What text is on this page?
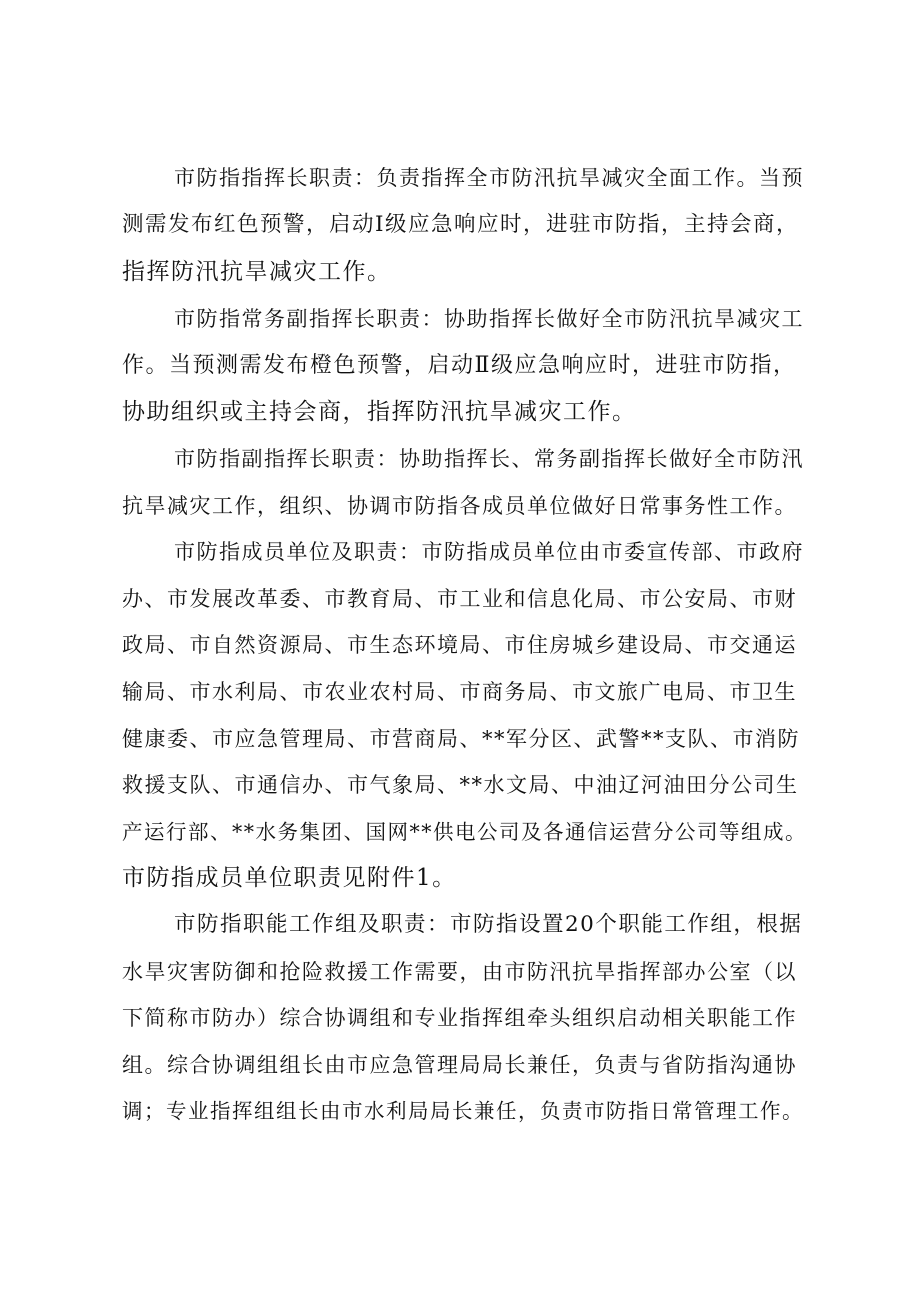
市防指指挥长职责：负责指挥全市防汛抗旱减灾全面工作。当预
测需发布红色预警，启动Ⅰ级应急响应时，进驻市防指，主持会商，
指挥防汛抗旱减灾工作。
市防指常务副指挥长职责：协助指挥长做好全市防汛抗旱减灾工
作。当预测需发布橙色预警，启动Ⅱ级应急响应时，进驻市防指，
协助组织或主持会商，指挥防汛抗旱减灾工作。
市防指副指挥长职责：协助指挥长、常务副指挥长做好全市防汛
抗旱减灾工作，组织、协调市防指各成员单位做好日常事务性工作。
市防指成员单位及职责：市防指成员单位由市委宣传部、市政府
办、市发展改革委、市教育局、市工业和信息化局、市公安局、市财
政局、市自然资源局、市生态环境局、市住房城乡建设局、市交通运
输局、市水利局、市农业农村局、市商务局、市文旅广电局、市卫生
健康委、市应急管理局、市营商局、**军分区、武警**支队、市消防
救援支队、市通信办、市气象局、**水文局、中油辽河油田分公司生
产运行部、**水务集团、国网**供电公司及各通信运营分公司等组成。
市防指成员单位职责见附件1。
市防指职能工作组及职责：市防指设置20个职能工作组，根据
水旱灾害防御和抢险救援工作需要，由市防汛抗旱指挥部办公室（以
下简称市防办）综合协调组和专业指挥组牵头组织启动相关职能工作
组。综合协调组组长由市应急管理局局长兼任，负责与省防指沟通协
调；专业指挥组组长由市水利局局长兼任，负责市防指日常管理工作。
